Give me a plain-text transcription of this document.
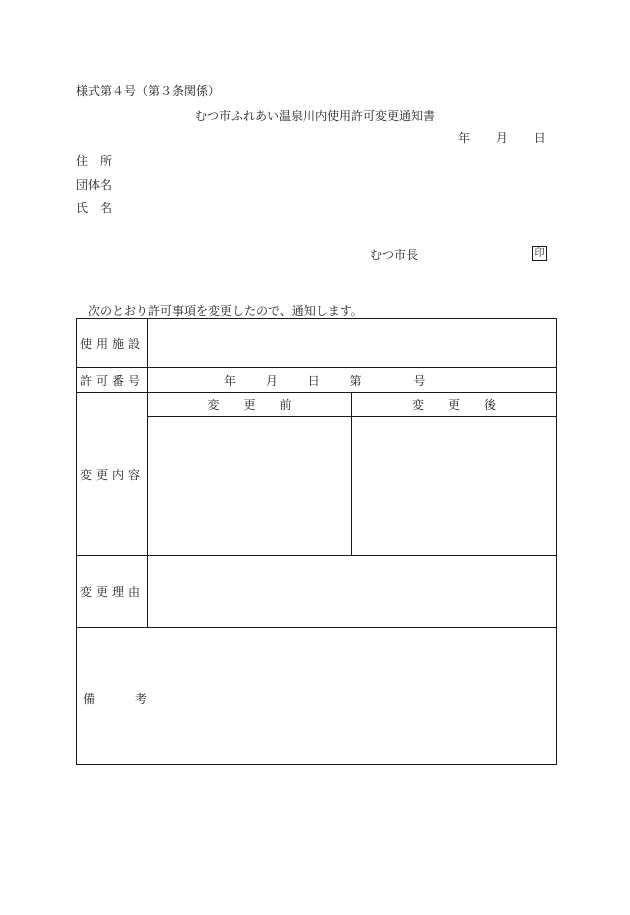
様式第４号（第３条関係）
むつ市ふれあい温泉川内使用許可変更通知書
年 月 日
住　所
団体名
氏　名
むつ市長	印
次のとおり許可事項を変更したので、通知します。
使用施設		
許可番号	年 月 日 第 号	

変更内容	変 更 前	変 更 後

変更理由		

備 考		
